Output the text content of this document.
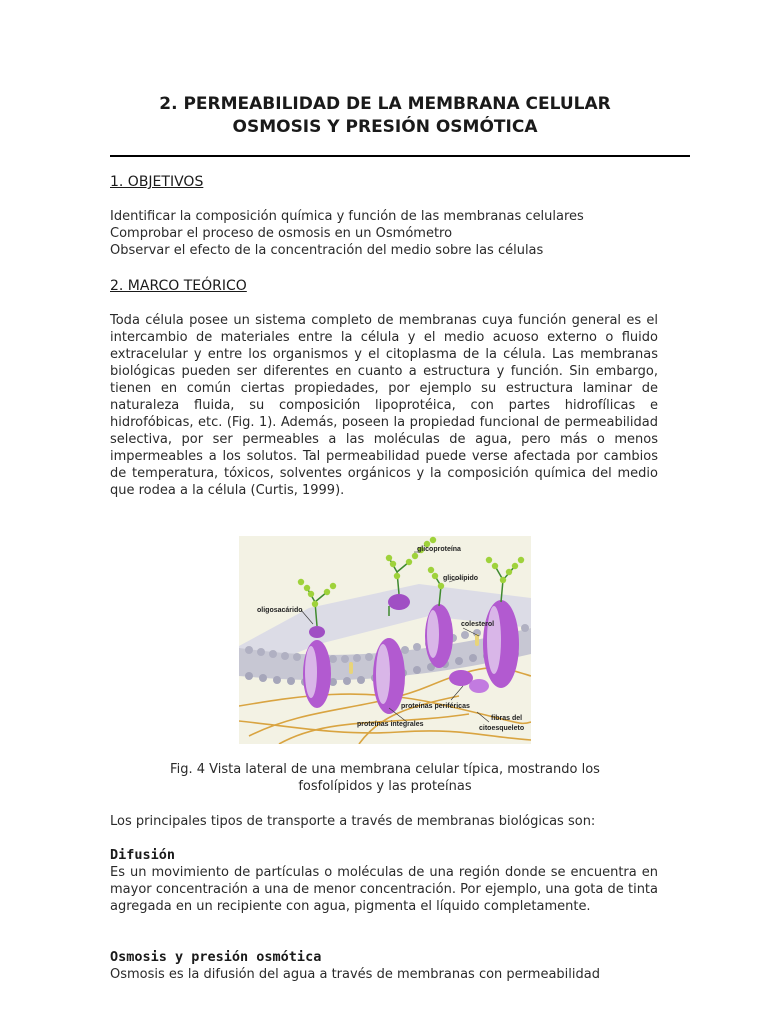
2. PERMEABILIDAD DE LA MEMBRANA CELULAR
OSMOSIS Y PRESIÓN OSMÓTICA
1. OBJETIVOS
Identificar la composición química y función de las membranas celulares
Comprobar el proceso de osmosis en un Osmómetro
Observar el efecto de la concentración del medio sobre las células
2. MARCO TEÓRICO
Toda célula posee un sistema completo de membranas cuya función general es el intercambio de materiales entre la célula y el medio acuoso externo o fluido extracelular y entre los organismos y el citoplasma de la célula. Las membranas biológicas pueden ser diferentes en cuanto a estructura y función. Sin embargo, tienen en común ciertas propiedades, por ejemplo su estructura laminar de naturaleza fluida, su composición lipoprotéica, con partes hidrofílicas e hidrofóbicas, etc. (Fig. 1). Además, poseen la propiedad funcional de permeabilidad selectiva, por ser permeables a las moléculas de agua, pero más o menos impermeables a los solutos. Tal permeabilidad puede verse afectada por cambios de temperatura, tóxicos, solventes orgánicos y la composición química del medio que rodea a la célula (Curtis, 1999).
glicoproteína
glicolípido
oligosacárido
colesterol
proteínas periféricas
proteínas integrales
fibras del
citoesqueleto
Fig. 4 Vista lateral de una membrana celular típica, mostrando los
fosfolípidos y las proteínas
Los principales tipos de transporte a través de membranas biológicas son:
Difusión
Es un movimiento de partículas o moléculas de una región donde se encuentra en mayor concentración a una de menor concentración. Por ejemplo, una gota de tinta agregada en un recipiente con agua, pigmenta el líquido completamente.
Osmosis y presión osmótica
Osmosis es la difusión del agua a través de membranas con permeabilidad
